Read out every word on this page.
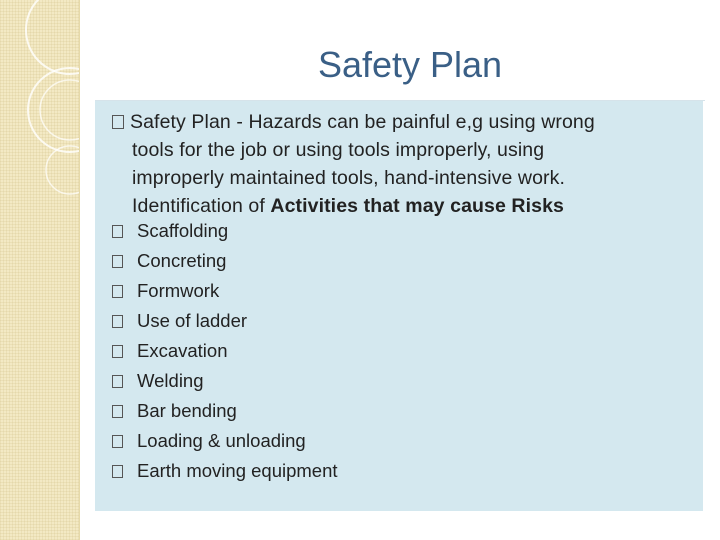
Safety Plan
Safety Plan - Hazards can be painful e,g using wrong
tools for the job or using tools improperly, using
improperly maintained tools, hand-intensive work.
Identification of Activities that may cause Risks
Scaffolding
Concreting
Formwork
Use of ladder
Excavation
Welding
Bar bending
Loading & unloading
Earth moving equipment
